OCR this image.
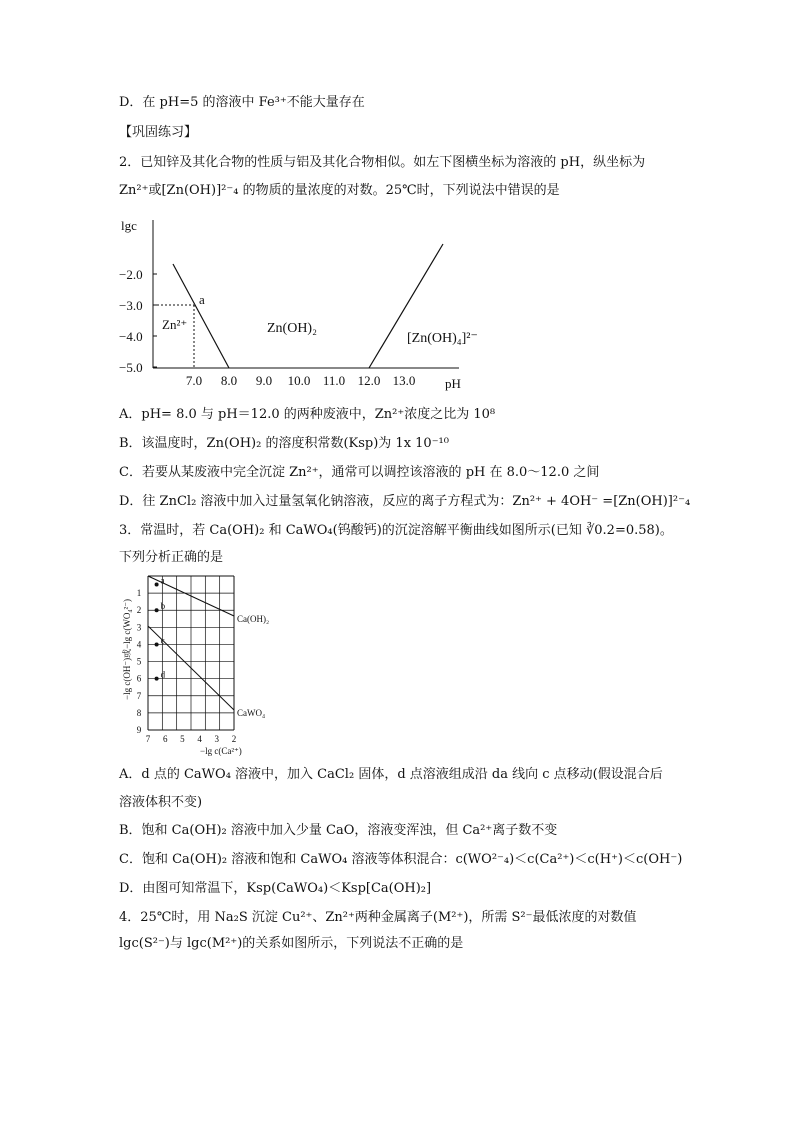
D．在 pH=5 的溶液中 Fe³⁺不能大量存在
【巩固练习】
2．已知锌及其化合物的性质与铝及其化合物相似。如左下图横坐标为溶液的 pH，纵坐标为
Zn²⁺或[Zn(OH)]²⁻₄ 的物质的量浓度的对数。25℃时，下列说法中错误的是
lgc
pH
−2.0
−3.0
−4.0
−5.0
7.0 8.0 9.0 10.0 11.0 12.0 13.0
a
Zn²⁺	Zn(OH)₂
[Zn(OH)₄]²⁻
A．pH= 8.0 与 pH＝12.0 的两种废液中，Zn²⁺浓度之比为 10⁸
B．该温度时，Zn(OH)₂ 的溶度积常数(Ksp)为 1x 10⁻¹⁰
C．若要从某废液中完全沉淀 Zn²⁺，通常可以调控该溶液的 pH 在 8.0～12.0 之间
D．往 ZnCl₂ 溶液中加入过量氢氧化钠溶液，反应的离子方程式为：Zn²⁺ + 4OH⁻ =[Zn(OH)]²⁻₄
3．常温时，若 Ca(OH)₂ 和 CaWO₄(钨酸钙)的沉淀溶解平衡曲线如图所示(已知 ∛0.2=0.58)。
下列分析正确的是
−lg c(OH⁻)或−lg c(WO₄²⁻)
−lg c(Ca²⁺)
1
2
3
4
5
6
7
8
9
7 6 5 4 3 2
a
b
c
d
Ca(OH)₂
CaWO₄
A．d 点的 CaWO₄ 溶液中，加入 CaCl₂ 固体，d 点溶液组成沿 da 线向 c 点移动(假设混合后
溶液体积不变)
B．饱和 Ca(OH)₂ 溶液中加入少量 CaO，溶液变浑浊，但 Ca²⁺离子数不变
C．饱和 Ca(OH)₂ 溶液和饱和 CaWO₄ 溶液等体积混合：c(WO²⁻₄)＜c(Ca²⁺)＜c(H⁺)＜c(OH⁻)
D．由图可知常温下，Ksp(CaWO₄)＜Ksp[Ca(OH)₂]
4．25℃时，用 Na₂S 沉淀 Cu²⁺、Zn²⁺两种金属离子(M²⁺)，所需 S²⁻最低浓度的对数值
lgc(S²⁻)与 lgc(M²⁺)的关系如图所示，下列说法不正确的是
